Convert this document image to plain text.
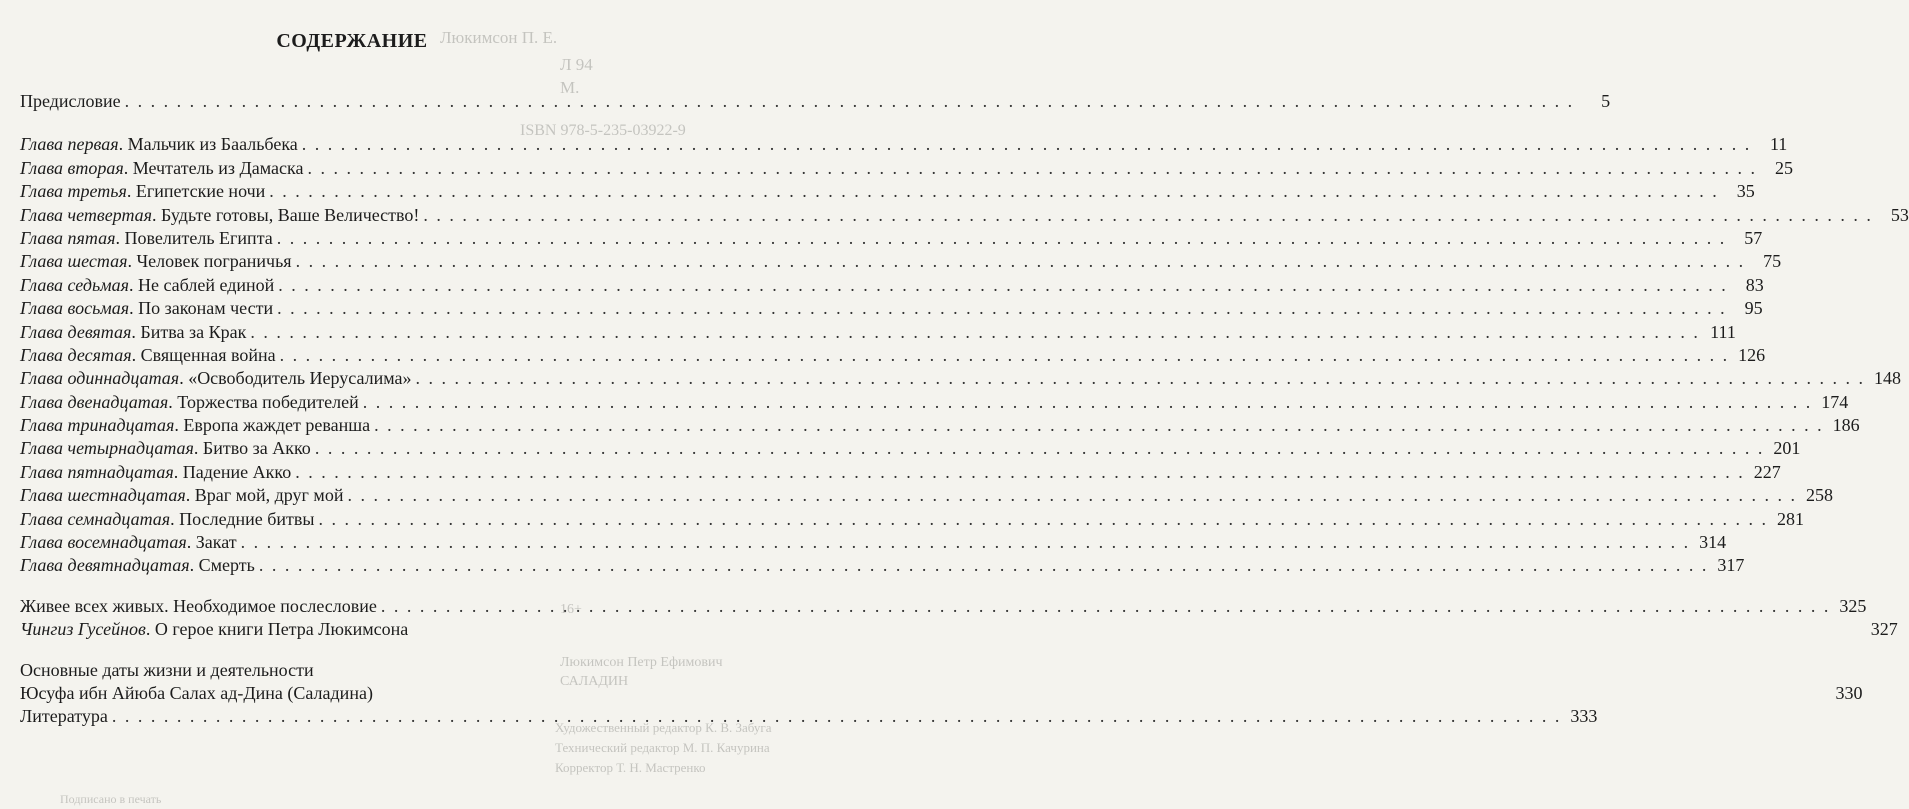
Люкимсон П. Е.
Л 94
М.
ISBN 978-5-235-03922-9
16+
Люкимсон Петр Ефимович
САЛАДИН
Художественный редактор К. В. Забуга
Технический редактор М. П. Качурина
Корректор Т. Н. Мастренко
Подписано в печать
СОДЕРЖАНИЕ
Предисловие . . .	5
Глава первая. Мальчик из Баальбека . . .	11
Глава вторая. Мечтатель из Дамаска . . .	25
Глава третья. Египетские ночи . . .	35
Глава четвертая. Будьте готовы, Ваше Величество! . . .	53
Глава пятая. Повелитель Египта . . .	57
Глава шестая. Человек пограничья . . .	75
Глава седьмая. Не саблей единой . . .	83
Глава восьмая. По законам чести . . .	95
Глава девятая. Битва за Крак . . .	111
Глава десятая. Священная война . . .	126
Глава одиннадцатая. «Освободитель Иерусалима» . . .	148
Глава двенадцатая. Торжества победителей . . .	174
Глава тринадцатая. Европа жаждет реванша . . .	186
Глава четырнадцатая. Битво за Акко . . .	201
Глава пятнадцатая. Падение Акко . . .	227
Глава шестнадцатая. Враг мой, друг мой . . .	258
Глава семнадцатая. Последние битвы . . .	281
Глава восемнадцатая. Закат . . .	314
Глава девятнадцатая. Смерть . . .	317
Живее всех живых. Необходимое послесловие . . .	325
Чингиз Гусейнов. О герое книги Петра Люкимсона	327
Основные даты жизни и деятельности
Юсуфа ибн Айюба Салах ад-Дина (Саладина)	330
Литература . . .	333
